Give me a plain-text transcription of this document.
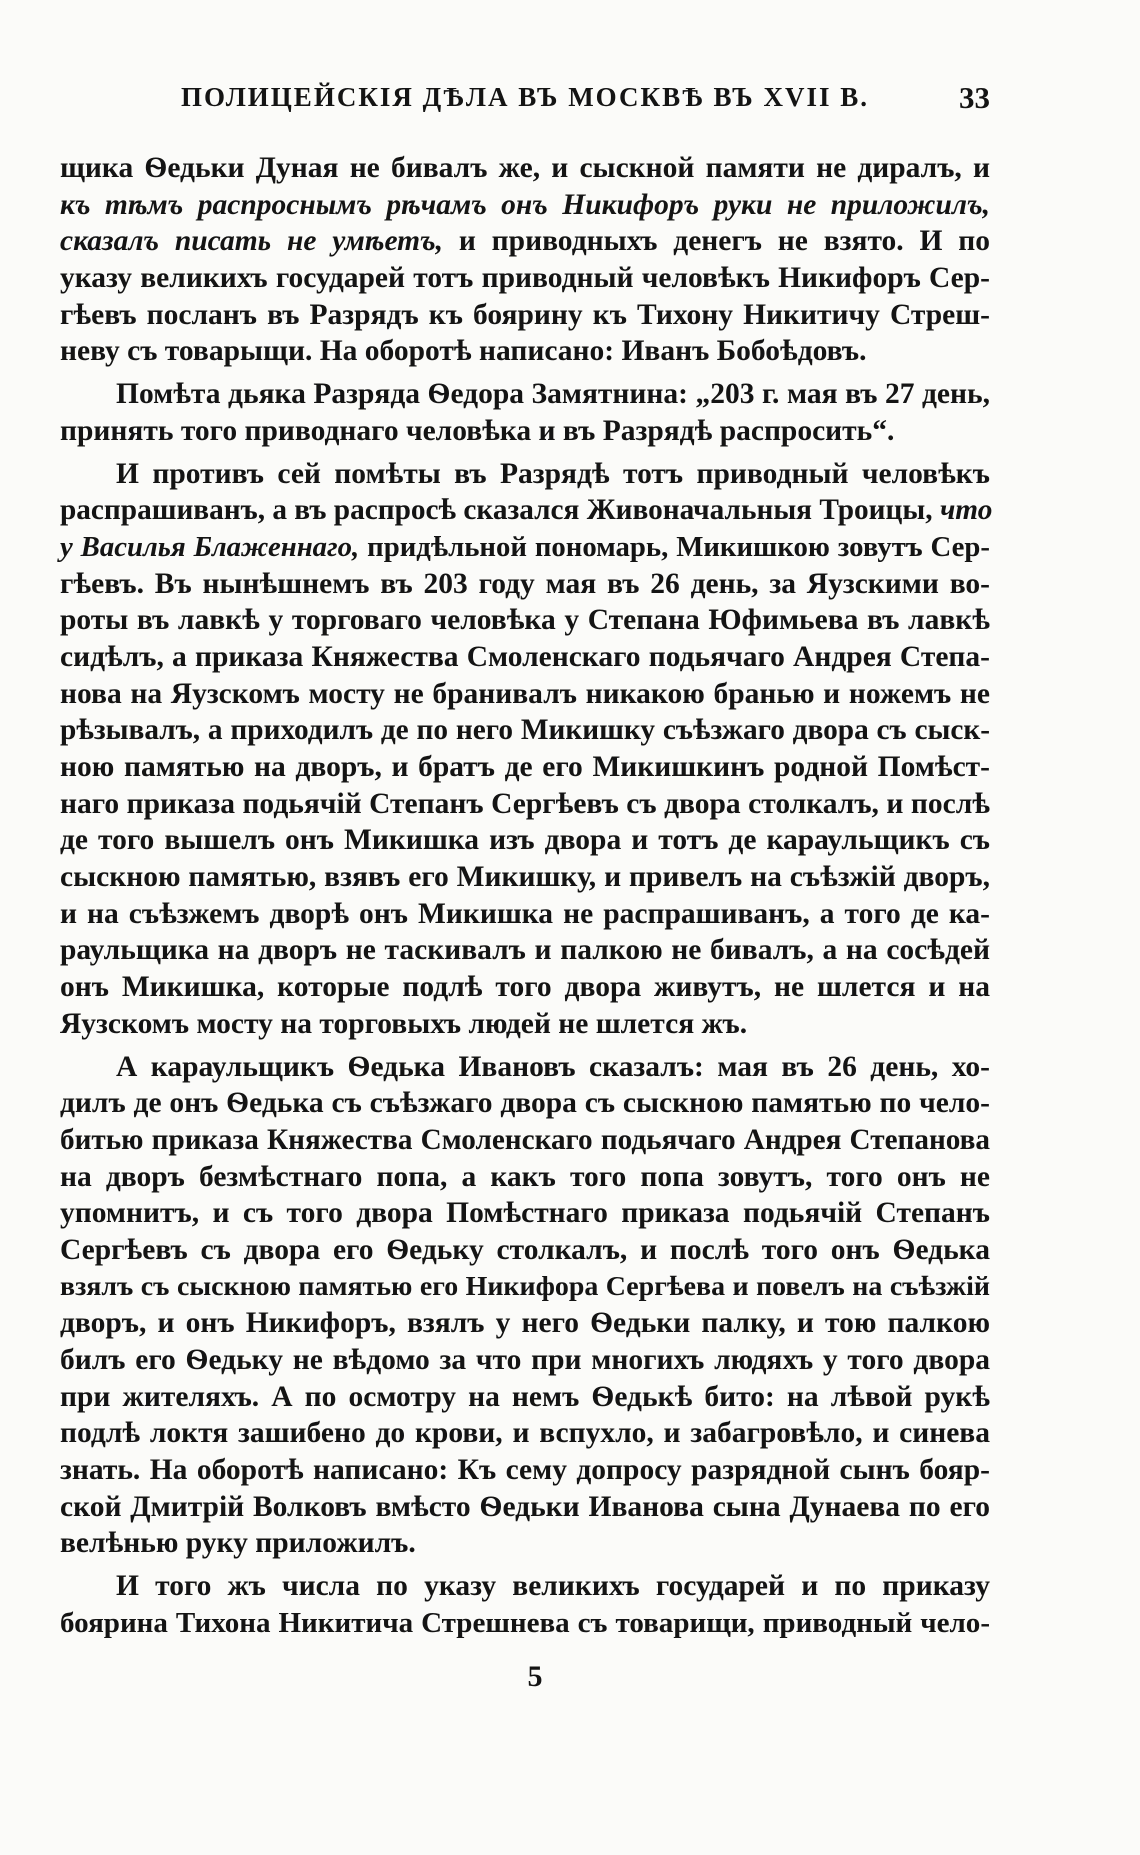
ПОЛИЦЕЙСКІЯ ДѢЛА ВЪ МОСКВѢ ВЪ XVII В.	33
щика Ѳедьки Дуная не бивалъ же, и сыскной памяти не диралъ, и
къ тѣмъ распроснымъ рѣчамъ онъ Никифоръ руки не приложилъ,
сказалъ писать не умѣетъ, и приводныхъ денегъ не взято. И по
указу великихъ государей тотъ приводный человѣкъ Никифоръ Сер-
гѣевъ посланъ въ Разрядъ къ боярину къ Тихону Никитичу Стреш-
неву съ товарыщи. На оборотѣ написано: Иванъ Бобоѣдовъ.
Помѣта дьяка Разряда Ѳедора Замятнина: „203 г. мая въ 27 день,
принять того приводнаго человѣка и въ Разрядѣ распросить“.
И противъ сей помѣты въ Разрядѣ тотъ приводный человѣкъ
распрашиванъ, а въ распросѣ сказался Живоначальныя Троицы, что
у Василья Блаженнаго, придѣльной пономарь, Микишкою зовутъ Сер-
гѣевъ. Въ нынѣшнемъ въ 203 году мая въ 26 день, за Яузскими во-
роты въ лавкѣ у торговаго человѣка у Степана Юфимьева въ лавкѣ
сидѣлъ, а приказа Княжества Смоленскаго подьячаго Андрея Степа-
нова на Яузскомъ мосту не бранивалъ никакою бранью и ножемъ не
рѣзывалъ, а приходилъ де по него Микишку съѣзжаго двора съ сыск-
ною памятью на дворъ, и братъ де его Микишкинъ родной Помѣст-
наго приказа подьячій Степанъ Сергѣевъ съ двора столкалъ, и послѣ
де того вышелъ онъ Микишка изъ двора и тотъ де караульщикъ съ
сыскною памятью, взявъ его Микишку, и привелъ на съѣзжій дворъ,
и на съѣзжемъ дворѣ онъ Микишка не распрашиванъ, а того де ка-
раульщика на дворъ не таскивалъ и палкою не бивалъ, а на сосѣдей
онъ Микишка, которые подлѣ того двора живутъ, не шлется и на
Яузскомъ мосту на торговыхъ людей не шлется жъ.
А караульщикъ Ѳедька Ивановъ сказалъ: мая въ 26 день, хо-
дилъ де онъ Ѳедька съ съѣзжаго двора съ сыскною памятью по чело-
битью приказа Княжества Смоленскаго подьячаго Андрея Степанова
на дворъ безмѣстнаго попа, а какъ того попа зовутъ, того онъ не
упомнитъ, и съ того двора Помѣстнаго приказа подьячій Степанъ
Сергѣевъ съ двора его Ѳедьку столкалъ, и послѣ того онъ Ѳедька
взялъ съ сыскною памятью его Никифора Сергѣева и повелъ на съѣзжій
дворъ, и онъ Никифоръ, взялъ у него Ѳедьки палку, и тою палкою
билъ его Ѳедьку не вѣдомо за что при многихъ людяхъ у того двора
при жителяхъ. А по осмотру на немъ Ѳедькѣ бито: на лѣвой рукѣ
подлѣ локтя зашибено до крови, и вспухло, и забагровѣло, и синева
знать. На оборотѣ написано: Къ сему допросу разрядной сынъ бояр-
ской Дмитрій Волковъ вмѣсто Ѳедьки Иванова сына Дунаева по его
велѣнью руку приложилъ.
И того жъ числа по указу великихъ государей и по приказу
боярина Тихона Никитича Стрешнева съ товарищи, приводный чело-
5
